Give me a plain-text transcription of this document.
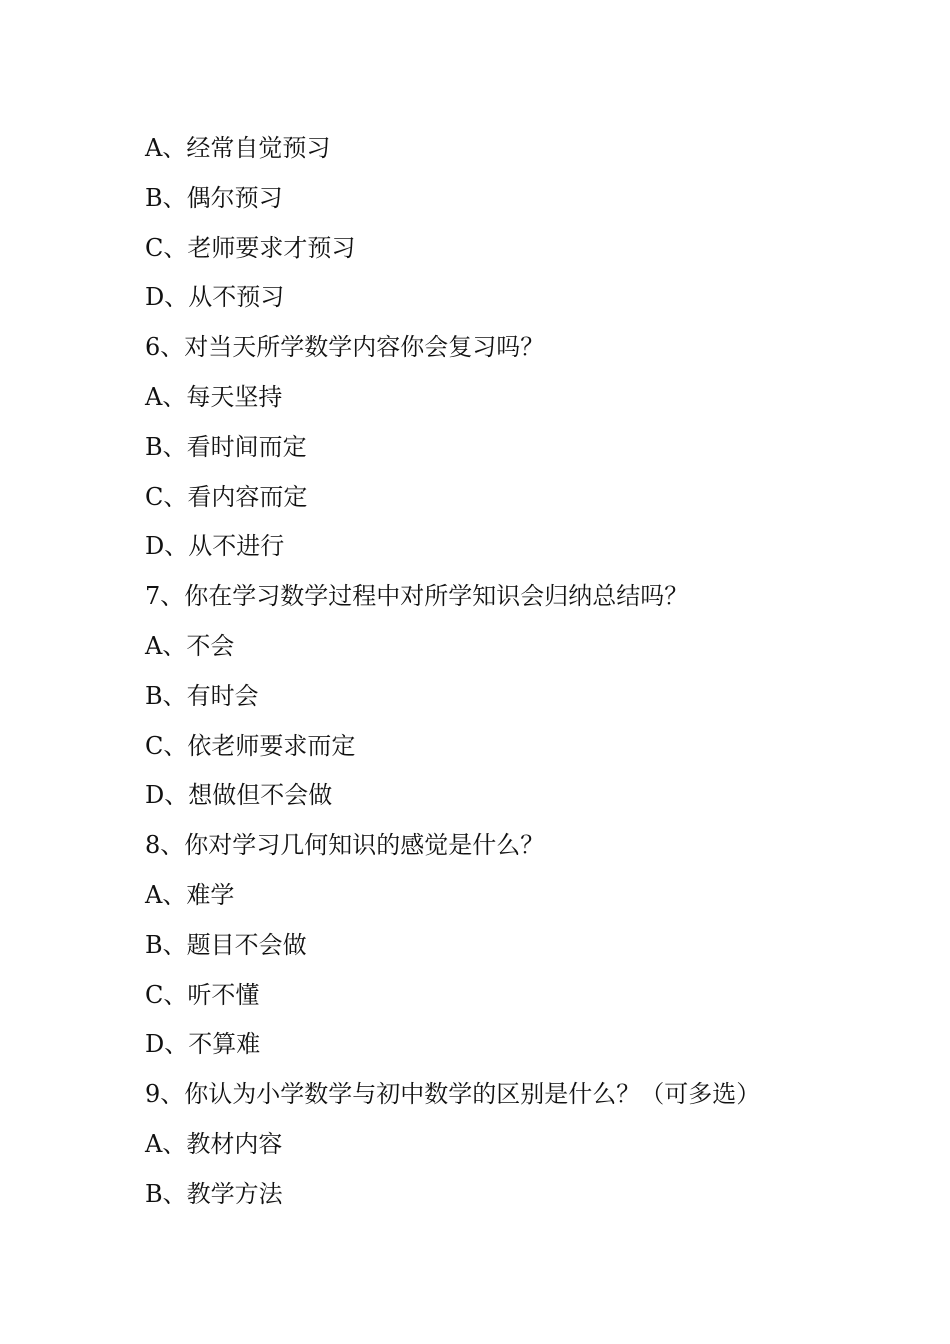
A、经常自觉预习
B、偶尔预习
C、老师要求才预习
D、从不预习
6、对当天所学数学内容你会复习吗？
A、每天坚持
B、看时间而定
C、看内容而定
D、从不进行
7、你在学习数学过程中对所学知识会归纳总结吗？
A、不会
B、有时会
C、依老师要求而定
D、想做但不会做
8、你对学习几何知识的感觉是什么？
A、难学
B、题目不会做
C、听不懂
D、不算难
9、你认为小学数学与初中数学的区别是什么？（可多选）
A、教材内容
B、教学方法
